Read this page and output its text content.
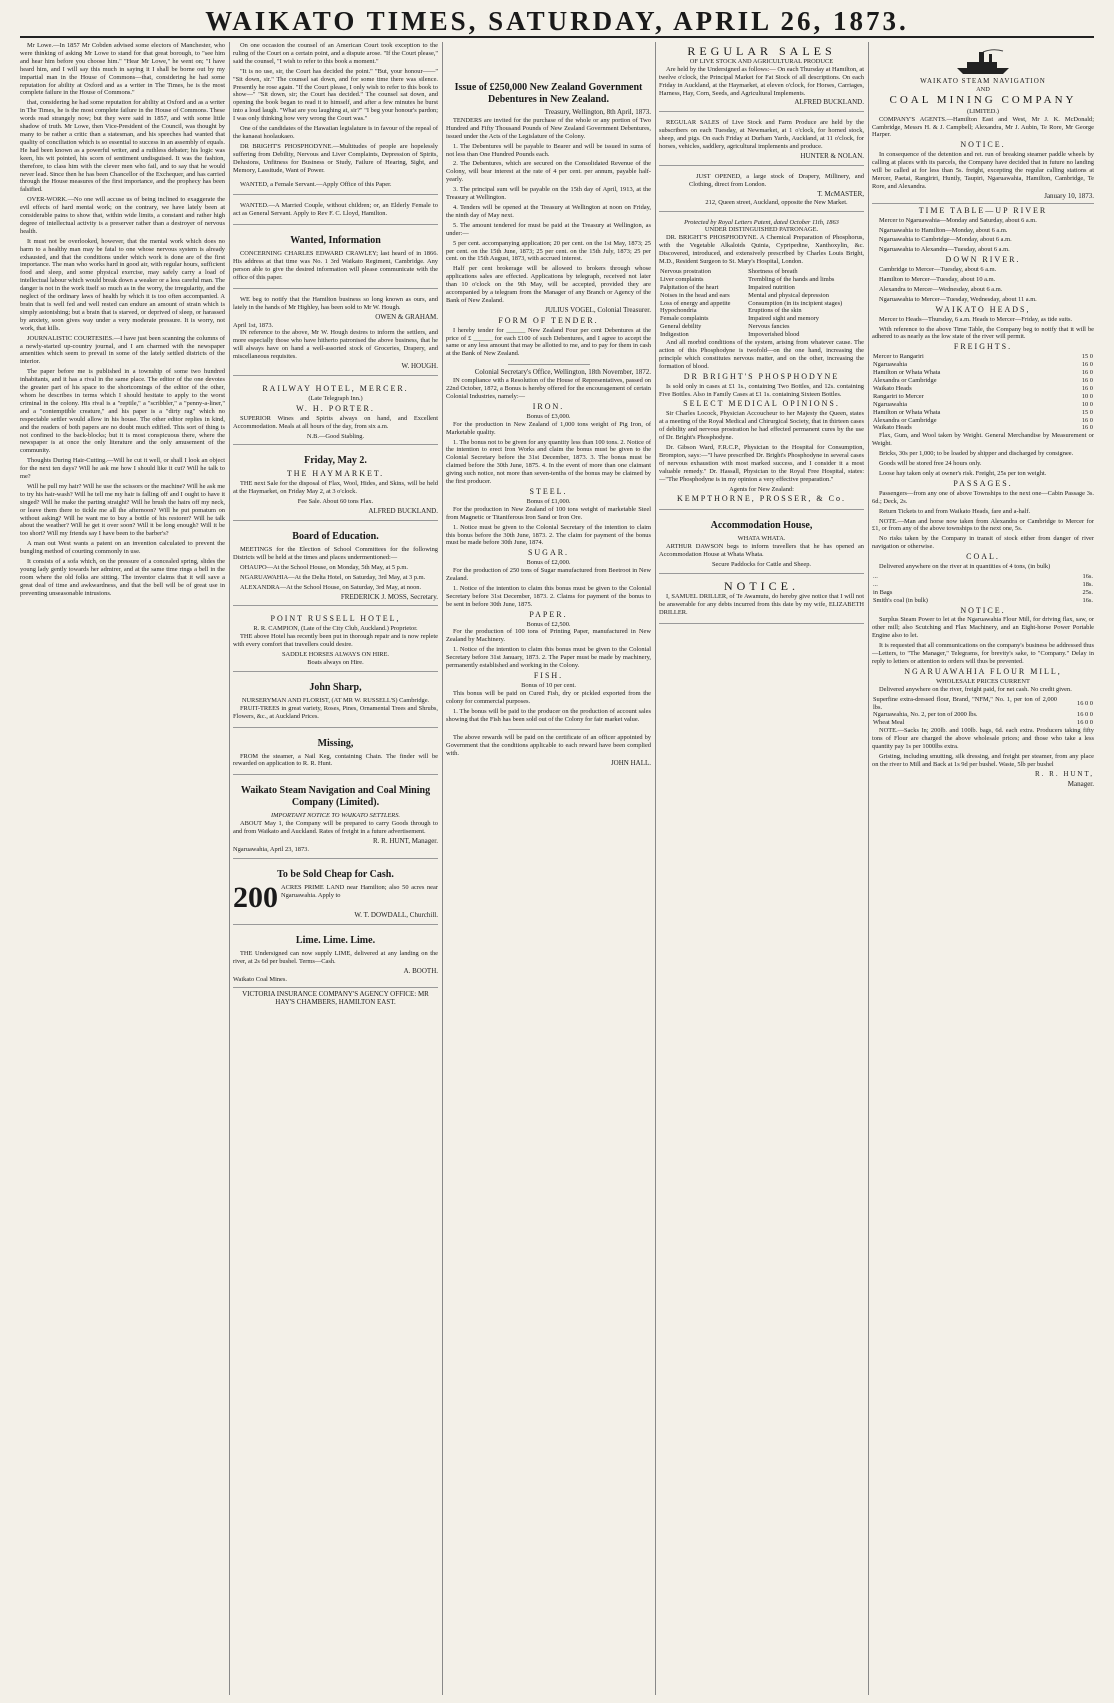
WAIKATO TIMES, SATURDAY, APRIL 26, 1873.

Mr Lowe.—In 1857 Mr Cobden advised some electors of Manchester, who were thinking of asking Mr Lowe to stand for that great borough, to "see him and hear him before you choose him." "Hear Mr Lowe," he went on; "I have heard him, and I will say this much in saying it I shall be borne out by my impartial man in the House of Commons—that, considering he had some reputation for ability at Oxford and as a writer in The Times, he is the most complete failure in the House of Commons."

that, considering he had some reputation for ability at Oxford and as a writer in The Times, he is the most complete failure in the House of Commons. These words read strangely now; but they were said in 1857, and with some little shadow of truth. Mr Lowe, then Vice-President of the Council, was thought by many to be rather a critic than a statesman, and his speeches had wanted that quality of conciliation which is so essential to success in an assembly of equals. He had been known as a powerful writer, and a ruthless debater; his logic was keen, his wit pointed, his scorn of sentiment undisguised. It was the fashion, therefore, to class him with the clever men who fail, and to say that he would never lead. Since then he has been Chancellor of the Exchequer, and has carried through the House measures of the first importance, and the prophecy has been falsified.

OVER-WORK.—No one will accuse us of being inclined to exaggerate the evil effects of hard mental work; on the contrary, we have lately been at considerable pains to show that, within wide limits, a constant and rather high degree of intellectual activity is a preserver rather than a destroyer of nervous health.

It must not be overlooked, however, that the mental work which does no harm to a healthy man may be fatal to one whose nervous system is already exhausted, and that the conditions under which work is done are of the first importance. The man who works hard in good air, with regular hours, sufficient food and sleep, and some physical exercise, may safely carry a load of intellectual labour which would break down a weaker or a less careful man. The danger is not in the work itself so much as in the worry, the irregularity, and the neglect of the ordinary laws of health by which it is too often accompanied. A brain that is well fed and well rested can endure an amount of strain which is simply astonishing; but a brain that is starved, or deprived of sleep, or harassed by anxiety, soon gives way under a very moderate pressure. It is worry, not work, that kills.

JOURNALISTIC COURTESIES.—I have just been scanning the columns of a newly-started up-country journal, and I am charmed with the newspaper amenities which seem to prevail in some of the lately settled districts of the interior.

The paper before me is published in a township of some two hundred inhabitants, and it has a rival in the same place. The editor of the one devotes the greater part of his space to the shortcomings of the editor of the other, whom he describes in terms which I should hesitate to apply to the worst criminal in the colony. His rival is a "reptile," a "scribbler," a "penny-a-liner," and a "contemptible creature," and his paper is a "dirty rag" which no respectable settler would allow in his house. The other editor replies in kind, and the readers of both papers are no doubt much edified. This sort of thing is not confined to the back-blocks; but it is most conspicuous there, where the newspaper is at once the only literature and the only amusement of the community.

Thoughts During Hair-Cutting.—Will he cut it well, or shall I look an object for the next ten days? Will he ask me how I should like it cut? Will he talk to me?

Will he pull my hair? Will he use the scissors or the machine? Will he ask me to try his hair-wash? Will he tell me my hair is falling off and I ought to have it singed? Will he make the parting straight? Will he brush the hairs off my neck, or leave them there to tickle me all the afternoon? Will he put pomatum on without asking? Will he want me to buy a bottle of his restorer? Will he talk about the weather? Will he get it over soon? Will it be long enough? Will it be too short? Will my friends say I have been to the barber's?

A man out West wants a patent on an invention calculated to prevent the bungling method of courting commonly in use.

It consists of a sofa which, on the pressure of a concealed spring, slides the young lady gently towards her admirer, and at the same time rings a bell in the room where the old folks are sitting. The inventor claims that it will save a great deal of time and awkwardness, and that the bell will be of great use in preventing unseasonable intrusions.

On one occasion the counsel of an American Court took exception to the ruling of the Court on a certain point, and a dispute arose. "If the Court please," said the counsel, "I wish to refer to this book a moment."

"It is no use, sir, the Court has decided the point." "But, your honour——" "Sit down, sir." The counsel sat down, and for some time there was silence. Presently he rose again. "If the Court please, I only wish to refer to this book to show—" "Sit down, sir; the Court has decided." The counsel sat down, and opening the book began to read it to himself, and after a few minutes he burst into a loud laugh. "What are you laughing at, sir?" "I beg your honour's pardon; I was only thinking how very wrong the Court was."

One of the candidates of the Hawaiian legislature is in favour of the repeal of the kanaeai hoolaukaeo.

DR BRIGHT'S PHOSPHODYNE.—Multitudes of people are hopelessly suffering from Debility, Nervous and Liver Complaints, Depression of Spirits, Delusions, Unfitness for Business or Study, Failure of Hearing, Sight, and Memory, Lassitude, Want of Power.

WANTED, a Female Servant.—Apply Office of this Paper.

WANTED.—A Married Couple, without children; or, an Elderly Female to act as General Servant. Apply to Rev F. C. Lloyd, Hamilton.

Wanted, Information

CONCERNING CHARLES EDWARD CRAWLEY; last heard of in 1866. His address at that time was No. 1 3rd Waikato Regiment, Cambridge. Any person able to give the desired information will please communicate with the office of this paper.

WE beg to notify that the Hamilton business so long known as ours, and lately in the hands of Mr Highley, has been sold to Mr W. Hough.

OWEN & GRAHAM.
April 1st, 1873.

IN reference to the above, Mr W. Hough desires to inform the settlers, and more especially those who have hitherto patronised the above business, that he will always have on hand a well-assorted stock of Groceries, Drapery, and miscellaneous requisites.

W. HOUGH.
RAILWAY HOTEL, MERCER.
(Late Telegraph Inn.)
W. H. PORTER.

SUPERIOR Wines and Spirits always on hand, and Excellent Accommodation. Meals at all hours of the day, from six a.m.

N.B.—Good Stabling.
Friday, May 2.
THE HAYMARKET.

THE next Sale for the disposal of Flax, Wool, Hides, and Skins, will be held at the Haymarket, on Friday May 2, at 3 o'clock.

Fee Sale. About 60 tons Flax.
ALFRED BUCKLAND.
Board of Education.

MEETINGS for the Election of School Committees for the following Districts will be held at the times and places undermentioned:—

OHAUPO—At the School House, on Monday, 5th May, at 5 p.m.

NGARUAWAHIA—At the Delta Hotel, on Saturday, 3rd May, at 3 p.m.

ALEXANDRA—At the School House, on Saturday, 3rd May, at noon.

FREDERICK J. MOSS, Secretary.
POINT RUSSELL HOTEL,
R. R. CAMPION, (Late of the City Club, Auckland.) Proprietor.

THE above Hotel has recently been put in thorough repair and is now replete with every comfort that travellers could desire.

SADDLE HORSES ALWAYS ON HIRE.
Boats always on Hire.
John Sharp,
NURSERYMAN AND FLORIST, (AT MR W. RUSSELL'S) Cambridge.

FRUIT-TREES in great variety, Roses, Pines, Ornamental Trees and Shrubs, Flowers, &c., at Auckland Prices.

Missing,

FROM the steamer, a Nail Keg, containing Chain. The finder will be rewarded on application to R. R. Hunt.

Waikato Steam Navigation and Coal Mining Company (Limited).
IMPORTANT NOTICE TO WAIKATO SETTLERS.

ABOUT May 1, the Company will be prepared to carry Goods through to and from Waikato and Auckland. Rates of freight in a future advertisement.

R. R. HUNT, Manager.
Ngaruawahia, April 23, 1873.
To be Sold Cheap for Cash.
200 ACRES PRIME LAND near Hamilton; also 50 acres near Ngaruawahia. Apply to
W. T. DOWDALL, Churchill.
Lime. Lime. Lime.

THE Undersigned can now supply LIME, delivered at any landing on the river, at 2s 6d per bushel. Terms—Cash.

A. BOOTH.
Waikato Coal Mines.
VICTORIA INSURANCE COMPANY'S AGENCY OFFICE: MR HAY'S CHAMBERS, HAMILTON EAST.
Issue of £250,000 New Zealand Government Debentures in New Zealand.
Treasury, Wellington, 8th April, 1873.

TENDERS are invited for the purchase of the whole or any portion of Two Hundred and Fifty Thousand Pounds of New Zealand Government Debentures, issued under the Acts of the Legislature of the Colony.

1. The Debentures will be payable to Bearer and will be issued in sums of not less than One Hundred Pounds each.

2. The Debentures, which are secured on the Consolidated Revenue of the Colony, will bear interest at the rate of 4 per cent. per annum, payable half-yearly.

3. The principal sum will be payable on the 15th day of April, 1913, at the Treasury at Wellington.

4. Tenders will be opened at the Treasury at Wellington at noon on Friday, the ninth day of May next.

5. The amount tendered for must be paid at the Treasury at Wellington, as under:—

5 per cent. accompanying application; 20 per cent. on the 1st May, 1873; 25 per cent. on the 15th June, 1873; 25 per cent. on the 15th July, 1873; 25 per cent. on the 15th August, 1873, with accrued interest.

Half per cent brokerage will be allowed to brokers through whose applications sales are effected. Applications by telegraph, received not later than 10 o'clock on the 9th May, will be accepted, provided they are accompanied by a telegram from the Manager of any Branch or Agency of the Bank of New Zealand.

JULIUS VOGEL, Colonial Treasurer.
FORM OF TENDER.

I hereby tender for ______ New Zealand Four per cent Debentures at the price of £ ______ for each £100 of such Debentures, and I agree to accept the same or any less amount that may be allotted to me, and to pay for them in cash at the Bank of New Zealand.

Colonial Secretary's Office, Wellington, 18th November, 1872.

IN compliance with a Resolution of the House of Representatives, passed on 22nd October, 1872, a Bonus is hereby offered for the encouragement of certain Colonial Industries, namely:—

IRON.
Bonus of £3,000.

For the production in New Zealand of 1,000 tons weight of Pig Iron, of Marketable quality.

1. The bonus not to be given for any quantity less than 100 tons. 2. Notice of the intention to erect Iron Works and claim the bonus must be given to the Colonial Secretary before the 31st December, 1873. 3. The bonus must be claimed before the 30th June, 1875. 4. In the event of more than one claimant giving such notice, not more than seven-tenths of the bonus may be claimed by the first producer.

STEEL.
Bonus of £1,000.

For the production in New Zealand of 100 tons weight of marketable Steel from Magnetic or Titaniferous Iron Sand or Iron Ore.

1. Notice must be given to the Colonial Secretary of the intention to claim this bonus before the 30th June, 1873. 2. The claim for payment of the bonus must be made before 30th June, 1874.

SUGAR.
Bonus of £2,000.

For the production of 250 tons of Sugar manufactured from Beetroot in New Zealand.

1. Notice of the intention to claim this bonus must be given to the Colonial Secretary before 31st December, 1873. 2. Claims for payment of the bonus to be sent in before 30th June, 1875.

PAPER.
Bonus of £2,500.

For the production of 100 tons of Printing Paper, manufactured in New Zealand by Machinery.

1. Notice of the intention to claim this bonus must be given to the Colonial Secretary before 31st January, 1873. 2. The Paper must be made by machinery, permanently established and working in the Colony.

FISH.
Bonus of 10 per cent.

This bonus will be paid on Cured Fish, dry or pickled exported from the colony for commercial purposes.

1. The bonus will be paid to the producer on the production of account sales showing that the Fish has been sold out of the Colony for fair market value.

The above rewards will be paid on the certificate of an officer appointed by Government that the conditions applicable to each reward have been complied with.

JOHN HALL.
REGULAR SALES
OF LIVE STOCK AND AGRICULTURAL PRODUCE

Are held by the Undersigned as follows:— On each Thursday at Hamilton, at twelve o'clock, the Principal Market for Fat Stock of all descriptions. On each Friday in Auckland, at the Haymarket, at eleven o'clock, for Horses, Carriages, Harness, Hay, Corn, Seeds, and Agricultural Implements.

ALFRED BUCKLAND.

REGULAR SALES of Live Stock and Farm Produce are held by the subscribers on each Tuesday, at Newmarket, at 1 o'clock, for horned stock, sheep, and pigs. On each Friday at Durham Yards, Auckland, at 11 o'clock, for horses, vehicles, saddlery, agricultural implements and produce.

HUNTER & NOLAN.

JUST OPENED, a large stock of Drapery, Millinery, and Clothing, direct from London.

T. McMASTER,
212, Queen street, Auckland, opposite the New Market.
Protected by Royal Letters Patent, dated October 11th, 1863
UNDER DISTINGUISHED PATRONAGE.

DR. BRIGHT'S PHOSPHODYNE. A Chemical Preparation of Phosphorus, with the Vegetable Alkaloids Quinia, Cypripedine, Xanthoxylin, &c. Discovered, introduced, and extensively prescribed by Charles Louis Bright, M.D., Resident Surgeon to St. Mary's Hospital, London.

Nervous prostration	Shortness of breath
Liver complaints	Trembling of the hands and limbs
Palpitation of the heart	Impaired nutrition
Noises in the head and ears	Mental and physical depression
Loss of energy and appetite	Consumption (in its incipient stages)
Hypochondria	Eruptions of the skin
Female complaints	Impaired sight and memory
General debility	Nervous fancies
Indigestion	Impoverished blood

And all morbid conditions of the system, arising from whatever cause. The action of this Phosphodyne is twofold—on the one hand, increasing the principle which constitutes nervous matter, and on the other, increasing the formation of blood.

DR BRIGHT'S PHOSPHODYNE

Is sold only in cases at £1 1s., containing Two Bottles, and 12s. containing Five Bottles. Also in Family Cases at £1 1s. containing Sixteen Bottles.

SELECT MEDICAL OPINIONS.

Sir Charles Locock, Physician Accoucheur to her Majesty the Queen, states at a meeting of the Royal Medical and Chirurgical Society, that in thirteen cases of debility and nervous prostration he had effected permanent cures by the use of Dr. Bright's Phosphodyne.

Dr. Gibson Ward, F.R.C.P., Physician to the Hospital for Consumption, Brompton, says:—"I have prescribed Dr. Bright's Phosphodyne in several cases of nervous exhaustion with most marked success, and I consider it a most valuable remedy." Dr. Hassall, Physician to the Royal Free Hospital, states:—"The Phosphodyne is in my opinion a very effective preparation."

Agents for New Zealand:
KEMPTHORNE, PROSSER, & Co.
Accommodation House,
WHATA WHATA.

ARTHUR DAWSON begs to inform travellers that he has opened an Accommodation House at Whata Whata.

Secure Paddocks for Cattle and Sheep.
NOTICE.

I, SAMUEL DRILLER, of Te Awamutu, do hereby give notice that I will not be answerable for any debts incurred from this date by my wife, ELIZABETH DRILLER.

WAIKATO STEAM NAVIGATION
AND
COAL MINING COMPANY
(LIMITED.)

COMPANY'S AGENTS.—Hamilton East and West, Mr J. K. McDonald; Cambridge, Messrs H. & J. Campbell; Alexandra, Mr J. Aubin, Te Rore, Mr George Harper.

NOTICE.

In consequence of the detention and ret. run of breaking steamer paddle wheels by calling at places with its parcels, the Company have decided that in future no landing will be called at for less than 5s. freight, excepting the regular calling stations at Mercer, Paetai, Rangiriri, Huntly, Taupiri, Ngaruawahia, Hamilton, Cambridge, Te Rore, and Alexandra.

January 10, 1873.
TIME TABLE—UP RIVER

Mercer to Ngaruawahia—Monday and Saturday, about 6 a.m.

Ngaruawahia to Hamilton—Monday, about 6 a.m.

Ngaruawahia to Cambridge—Monday, about 6 a.m.

Ngaruawahia to Alexandra—Tuesday, about 6 a.m.

DOWN RIVER.

Cambridge to Mercer—Tuesday, about 6 a.m.

Hamilton to Mercer—Tuesday, about 10 a.m.

Alexandra to Mercer—Wednesday, about 6 a.m.

Ngaruawahia to Mercer—Tuesday, Wednesday, about 11 a.m.

WAIKATO HEADS,

Mercer to Heads—Thursday, 6 a.m. Heads to Mercer—Friday, as tide suits.

With reference to the above Time Table, the Company beg to notify that it will be adhered to as nearly as the low state of the river will permit.

FREIGHTS.
Mercer to Rangariri	15 0
Ngaruawahia	16 0
Hamilton or Whata Whata	16 0
Alexandra or Cambridge	16 0
Waikato Heads	16 0
Rangariri to Mercer	10 0
Ngaruawahia	10 0
Hamilton or Whata Whata	15 0
Alexandra or Cambridge	16 0
Waikato Heads	16 0

Flax, Gum, and Wool taken by Weight. General Merchandise by Measurement or Weight.

Bricks, 30s per 1,000; to be loaded by shipper and discharged by consignee.

Goods will be stored free 24 hours only.

Loose hay taken only at owner's risk. Freight, 25s per ton weight.

PASSAGES.

Passengers—from any one of above Townships to the next one—Cabin Passage 3s. 6d.; Deck, 2s.

Return Tickets to and from Waikato Heads, fare and a-half.

NOTE.—Man and horse now taken from Alexandra or Cambridge to Mercer for £1, or from any of the above townships to the next one, 5s.

No risks taken by the Company in transit of stock either from danger of river navigation or otherwise.

COAL.

Delivered anywhere on the river at in quantities of 4 tons, (in bulk)

...	16s.
...	18s.
in Bags	25s.
Smith's coal (in bulk)	16s.
NOTICE.

Surplus Steam Power to let at the Ngaruawahia Flour Mill, for driving flax, saw, or other mill; also Scutching and Flax Machinery, and an Eight-horse Power Portable Engine also to let.

It is requested that all communications on the company's business be addressed thus—Letters, to "The Manager," Telegrams, for brevity's sake, to "Company." Delay in reply to letters or attention to orders will thus be prevented.

NGARUAWAHIA FLOUR MILL,
WHOLESALE PRICES CURRENT

Delivered anywhere on the river, freight paid, for net cash. No credit given.

Superfine extra-dressed flour, Brand, "NFM," No. 1, per ton of 2,000 lbs.	16 0 0
Ngaruawahia, No. 2, per ton of 2000 lbs.	16 0 0
Wheat Meal	16 0 0

NOTE.—Sacks In; 200lb. and 100lb. bags, 6d. each extra. Producers taking fifty tons of Flour are charged the above wholesale prices; and those who take a less quantity pay 1s per 1000lbs extra.

Gristing, including smutting, silk dressing, and freight per steamer, from any place on the river to Mill and Back at 1s 9d per bushel. Waste, 5lb per bushel

R. R. HUNT,
Manager.
